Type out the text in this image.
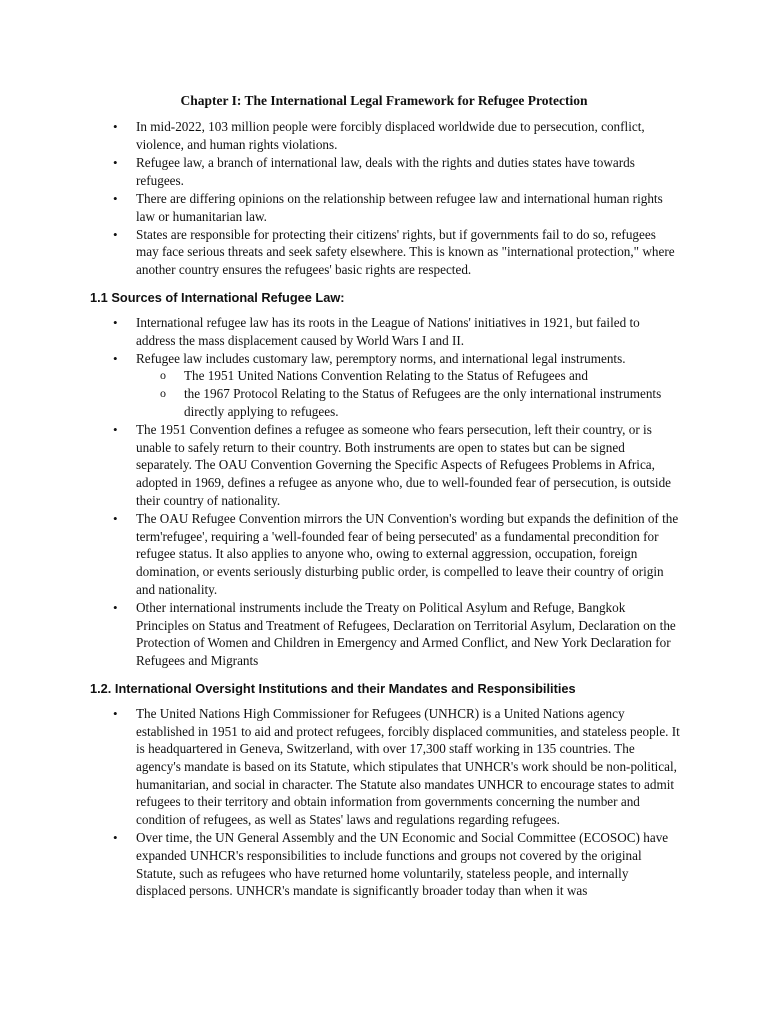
Chapter I: The International Legal Framework for Refugee Protection
• In mid-2022, 103 million people were forcibly displaced worldwide due to persecution, conflict, violence, and human rights violations.
• Refugee law, a branch of international law, deals with the rights and duties states have towards refugees.
• There are differing opinions on the relationship between refugee law and international human rights law or humanitarian law.
• States are responsible for protecting their citizens' rights, but if governments fail to do so, refugees may face serious threats and seek safety elsewhere. This is known as "international protection," where another country ensures the refugees' basic rights are respected.
1.1 Sources of International Refugee Law:
• International refugee law has its roots in the League of Nations' initiatives in 1921, but failed to address the mass displacement caused by World Wars I and II.
• Refugee law includes customary law, peremptory norms, and international legal instruments.
o The 1951 United Nations Convention Relating to the Status of Refugees and
o the 1967 Protocol Relating to the Status of Refugees are the only international instruments directly applying to refugees.
• The 1951 Convention defines a refugee as someone who fears persecution, left their country, or is unable to safely return to their country. Both instruments are open to states but can be signed separately. The OAU Convention Governing the Specific Aspects of Refugees Problems in Africa, adopted in 1969, defines a refugee as anyone who, due to well-founded fear of persecution, is outside their country of nationality.
• The OAU Refugee Convention mirrors the UN Convention's wording but expands the definition of the term'refugee', requiring a 'well-founded fear of being persecuted' as a fundamental precondition for refugee status. It also applies to anyone who, owing to external aggression, occupation, foreign domination, or events seriously disturbing public order, is compelled to leave their country of origin and nationality.
• Other international instruments include the Treaty on Political Asylum and Refuge, Bangkok Principles on Status and Treatment of Refugees, Declaration on Territorial Asylum, Declaration on the Protection of Women and Children in Emergency and Armed Conflict, and New York Declaration for Refugees and Migrants
1.2. International Oversight Institutions and their Mandates and Responsibilities
• The United Nations High Commissioner for Refugees (UNHCR) is a United Nations agency established in 1951 to aid and protect refugees, forcibly displaced communities, and stateless people. It is headquartered in Geneva, Switzerland, with over 17,300 staff working in 135 countries. The agency's mandate is based on its Statute, which stipulates that UNHCR's work should be non-political, humanitarian, and social in character. The Statute also mandates UNHCR to encourage states to admit refugees to their territory and obtain information from governments concerning the number and condition of refugees, as well as States' laws and regulations regarding refugees.
• Over time, the UN General Assembly and the UN Economic and Social Committee (ECOSOC) have expanded UNHCR's responsibilities to include functions and groups not covered by the original Statute, such as refugees who have returned home voluntarily, stateless people, and internally displaced persons. UNHCR's mandate is significantly broader today than when it was
